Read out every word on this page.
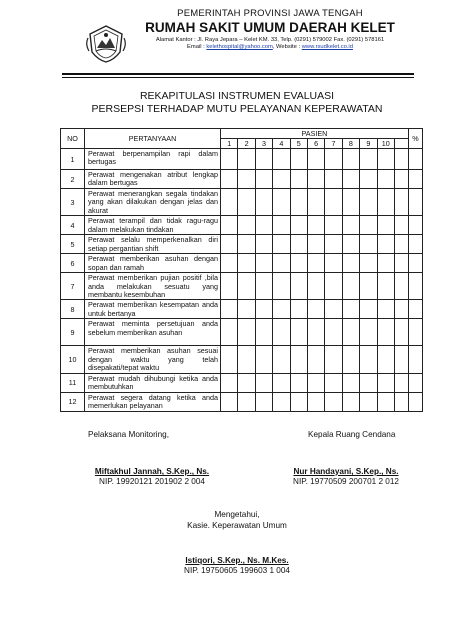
PEMERINTAH PROVINSI JAWA TENGAH
RUMAH SAKIT UMUM DAERAH KELET
Alamat Kantor : Jl. Raya Jepara – Kelet KM. 33, Telp. (0291) 579002 Fax. (0291) 578161
Email : kelethospital@yahoo.com, Website : www.rsudkelet.co.id
REKAPITULASI INSTRUMEN EVALUASI
PERSEPSI TERHADAP MUTU PELAYANAN KEPERAWATAN
NO	PERTANYAAN	PASIEN											%
		1	2	3	4	5	6	7	8	9	10		
1	Perawat berpenampilan rapi dalam bertugas												
2	Perawat mengenakan atribut lengkap dalam bertugas												
3	Perawat menerangkan segala tindakan yang akan dilakukan dengan jelas dan akurat												
4	Perawat terampil dan tidak ragu-ragu dalam melakukan tindakan												
5	Perawat selalu memperkenalkan diri setiap pergantian shift												
6	Perawat memberikan asuhan dengan sopan dan ramah												
7	Perawat memberikan pujian positif ,bila anda melakukan sesuatu yang membantu kesembuhan												
8	Perawat memberikan kesempatan anda untuk bertanya												
9	Perawat meminta persetujuan anda sebelum memberikan asuhan												
10	Perawat memberikan asuhan sesuai dengan waktu yang telah disepakati/tepat waktu												
11	Perawat mudah dihubungi ketika anda membutuhkan												
12	Perawat segera datang ketika anda memerlukan pelayanan												
Pelaksana Monitoring,	Kepala Ruang Cendana
Miftakhul Jannah, S.Kep., Ns.
NIP. 19920121 201902 2 004
Nur Handayani, S.Kep., Ns.
NIP. 19770509 200701 2 012
Mengetahui,
Kasie. Keperawatan Umum
Istiqori, S.Kep., Ns. M.Kes.
NIP. 19750605 199603 1 004
